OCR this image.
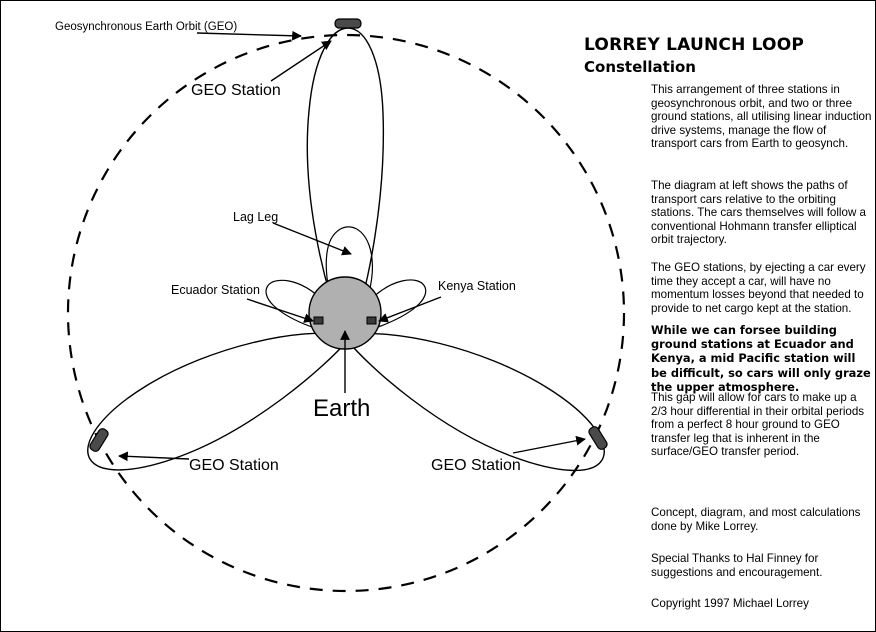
Geosynchronous Earth Orbit (GEO)
GEO Station
Lag Leg
Ecuador Station	Kenya Station
Earth
GEO Station	GEO Station
LORREY LAUNCH LOOP
Constellation
This arrangement of three stations in geosynchronous orbit, and two or three ground stations, all utilising linear induction drive systems, manage the flow of transport cars from Earth to geosynch.
The diagram at left shows the paths of transport cars relative to the orbiting stations. The cars themselves will follow a conventional Hohmann transfer elliptical orbit trajectory.
The GEO stations, by ejecting a car every time they accept a car, will have no momentum losses beyond that needed to provide to net cargo kept at the station.
While we can forsee building ground stations at Ecuador and Kenya, a mid Pacific station will be difficult, so cars will only graze the upper atmosphere.
This gap will allow for cars to make up a 2/3 hour differential in their orbital periods from a perfect 8 hour ground to GEO transfer leg that is inherent in the surface/GEO transfer period.
Concept, diagram, and most calculations done by Mike Lorrey.
Special Thanks to Hal Finney for suggestions and encouragement.
Copyright 1997 Michael Lorrey
